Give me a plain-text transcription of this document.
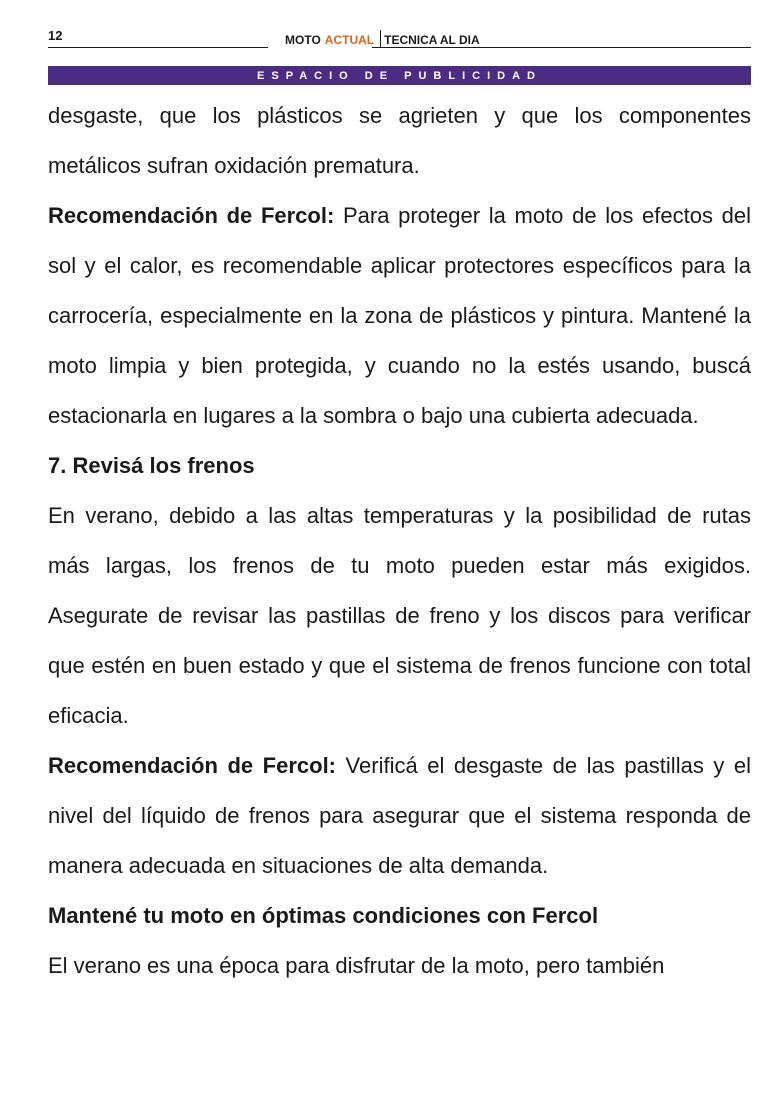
12	MOTO ACTUAL TECNICA AL DIA
ESPACIO DE PUBLICIDAD

desgaste, que los plásticos se agrieten y que los componentes metálicos sufran oxidación prematura.

Recomendación de Fercol: Para proteger la moto de los efectos del sol y el calor, es recomendable aplicar protectores específicos para la carrocería, especialmente en la zona de plásticos y pintura. Mantené la moto limpia y bien protegida, y cuando no la estés usando, buscá estacionarla en lugares a la sombra o bajo una cubierta adecuada.

7. Revisá los frenos

En verano, debido a las altas temperaturas y la posibilidad de rutas más largas, los frenos de tu moto pueden estar más exigidos. Asegurate de revisar las pastillas de freno y los discos para verificar que estén en buen estado y que el sistema de frenos funcione con total eficacia.

Recomendación de Fercol: Verificá el desgaste de las pastillas y el nivel del líquido de frenos para asegurar que el sistema responda de manera adecuada en situaciones de alta demanda.

Mantené tu moto en óptimas condiciones con Fercol

El verano es una época para disfrutar de la moto, pero también
